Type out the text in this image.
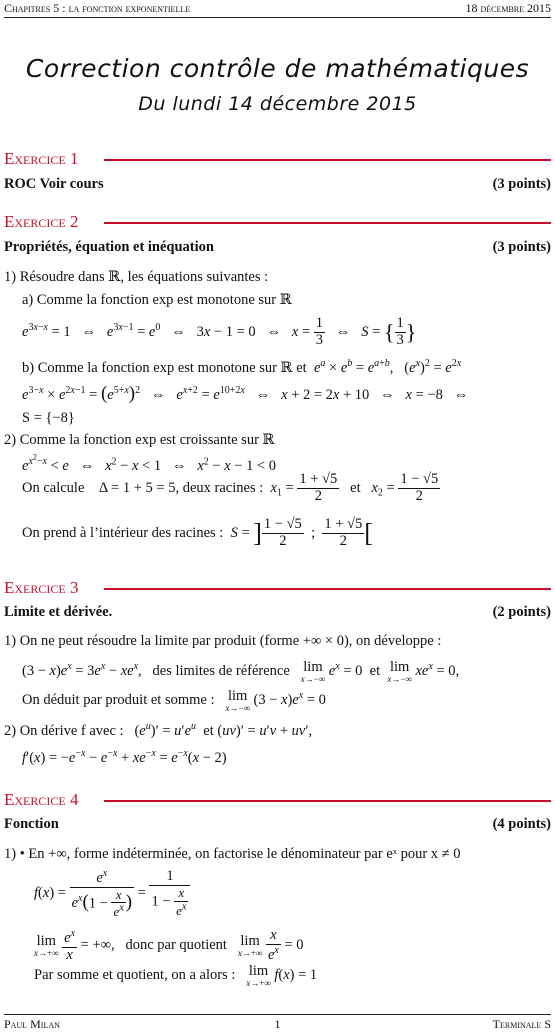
Chapitres 5 : la fonction exponentielle	18 décembre 2015
Correction contrôle de mathématiques
Du lundi 14 décembre 2015
Exercice 1
ROC Voir cours	(3 points)
Exercice 2
Propriétés, équation et inéquation	(3 points)
1) Résoudre dans ℝ, les équations suivantes :
a) Comme la fonction exp est monotone sur ℝ
$e^{3x-x} = 1$   ⇔   $e^{3x-1} = e^0$   ⇔   3x − 1 = 0   ⇔   $x = \frac{1}{3}$ ⇔   S = { $\frac{1}{3}$ }
b) Comme la fonction exp est monotone sur ℝ et $e^a \times e^b = e^{a+b}$,   $(e^x)^2 = e^{2x}$
$e^{3-x} \times e^{2x-1} = (e^{5+x})^2$   ⇔   $e^{x+2} = e^{10+2x}$   ⇔   x + 2 = 2x + 10   ⇔   x = −8   ⇔
S = {−8}
2) Comme la fonction exp est croissante sur ℝ
$e^{x^2-x} < e$   ⇔   $x^2 - x < 1$   ⇔   $x^2 - x - 1 < 0$
On calcule Δ = 1 + 5 = 5, deux racines : $x_1 = \frac{1 + √5}{2}$ et $x_2 = \frac{1 - √5}{2}$
On prend à l’intérieur des racines : S = ] $\frac{1 - √5}{2}$ ; $\frac{1 + √5}{2}$ [
Exercice 3
Limite et dérivée.	(2 points)
1) On ne peut résoudre la limite par produit (forme +∞ × 0), on développe :
$(3 - x)e^x = 3e^x - xe^x$,   des limites de référence lim
x→−∞ $e^x = 0$  et  lim
x→−∞ $xe^x = 0$,
On déduit par produit et somme : lim
x→−∞ $(3 - x)e^x = 0$
2) On dérive f avec :   $(e^u)' = u'e^u$  et (uv)′ = u′v + uv′,
$f'(x) = -e^{-x} - e^{-x} + xe^{-x} = e^{-x}(x - 2)$
Exercice 4
Fonction	(4 points)
1) • En +∞, forme indéterminée, on factorise le dénominateur par eˣ pour x ≠ 0
$f(x) = \frac{e^x}{e^x(1 - \frac{x}{e^x} )} = \frac{1}{1 - \frac{x}{e^x}}$
lim
x→+∞
$\frac{e^x}{x}$ = +∞,   donc par quotient lim
x→+∞
$\frac{x}{e^x} = 0$
Par somme et quotient, on a alors : lim
x→+∞ f(x) = 1
Paul Milan	1	Terminale S
